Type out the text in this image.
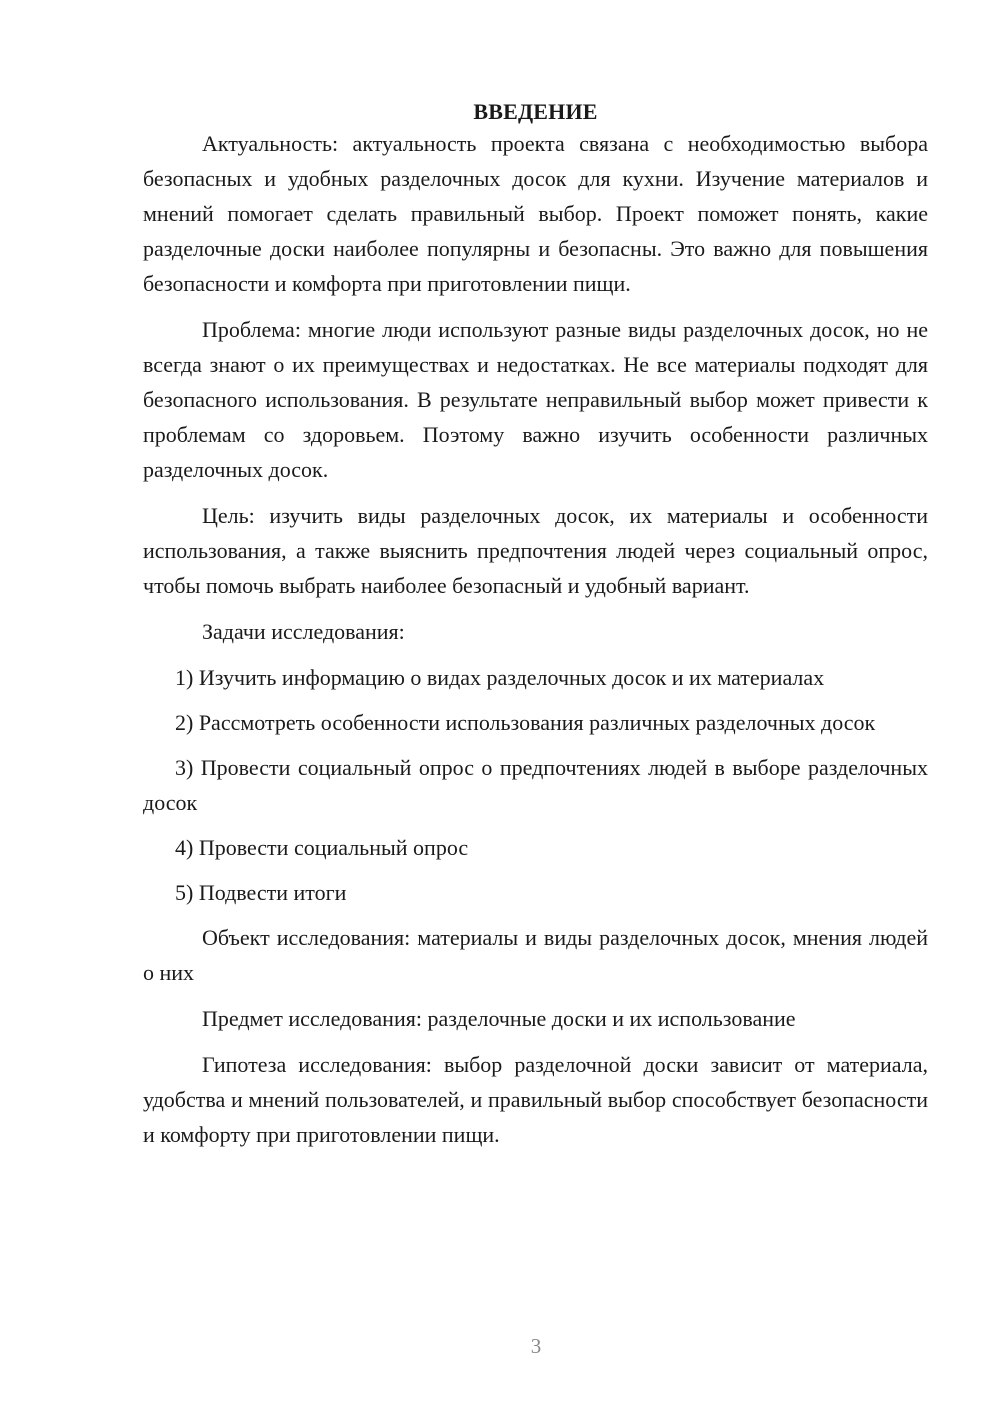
ВВЕДЕНИЕ

Актуальность: актуальность проекта связана с необходимостью выбора безопасных и удобных разделочных досок для кухни. Изучение материалов и мнений помогает сделать правильный выбор. Проект поможет понять, какие разделочные доски наиболее популярны и безопасны. Это важно для повышения безопасности и комфорта при приготовлении пищи.

Проблема: многие люди используют разные виды разделочных досок, но не всегда знают о их преимуществах и недостатках. Не все материалы подходят для безопасного использования. В результате неправильный выбор может привести к проблемам со здоровьем. Поэтому важно изучить особенности различных разделочных досок.

Цель: изучить виды разделочных досок, их материалы и особенности использования, а также выяснить предпочтения людей через социальный опрос, чтобы помочь выбрать наиболее безопасный и удобный вариант.

Задачи исследования:

1) Изучить информацию о видах разделочных досок и их материалах

2) Рассмотреть особенности использования различных разделочных досок

3) Провести социальный опрос о предпочтениях людей в выборе разделочных досок

4) Провести социальный опрос

5) Подвести итоги

Объект исследования: материалы и виды разделочных досок, мнения людей о них

Предмет исследования: разделочные доски и их использование

Гипотеза исследования: выбор разделочной доски зависит от материала, удобства и мнений пользователей, и правильный выбор способствует безопасности и комфорту при приготовлении пищи.

3
